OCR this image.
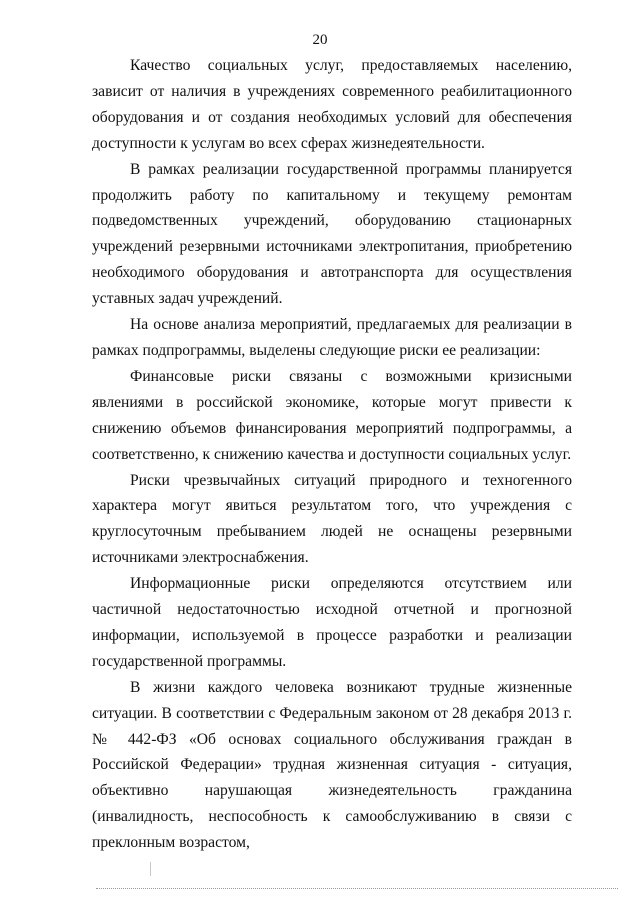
20

Качество социальных услуг, предоставляемых населению, зависит от наличия в учреждениях современного реабилитационного оборудования и от создания необходимых условий для обеспечения доступности к услугам во всех сферах жизнедеятельности.

В рамках реализации государственной программы планируется продолжить работу по капитальному и текущему ремонтам подведомственных учреждений, оборудованию стационарных учреждений резервными источниками электропитания, приобретению необходимого оборудования и автотранспорта для осуществления уставных задач учреждений.

На основе анализа мероприятий, предлагаемых для реализации в рамках подпрограммы, выделены следующие риски ее реализации:

Финансовые риски связаны с возможными кризисными явлениями в российской экономике, которые могут привести к снижению объемов финансирования мероприятий подпрограммы, а соответственно, к снижению качества и доступности социальных услуг.

Риски чрезвычайных ситуаций природного и техногенного характера могут явиться результатом того, что учреждения с круглосуточным пребыванием людей не оснащены резервными источниками электроснабжения.

Информационные риски определяются отсутствием или частичной недостаточностью исходной отчетной и прогнозной информации, используемой в процессе разработки и реализации государственной программы.

В жизни каждого человека возникают трудные жизненные ситуации. В соответствии с Федеральным законом от 28 декабря 2013 г. № 442-ФЗ «Об основах социального обслуживания граждан в Российской Федерации» трудная жизненная ситуация - ситуация, объективно нарушающая жизнедеятельность гражданина (инвалидность, неспособность к самообслуживанию в связи с преклонным возрастом,
